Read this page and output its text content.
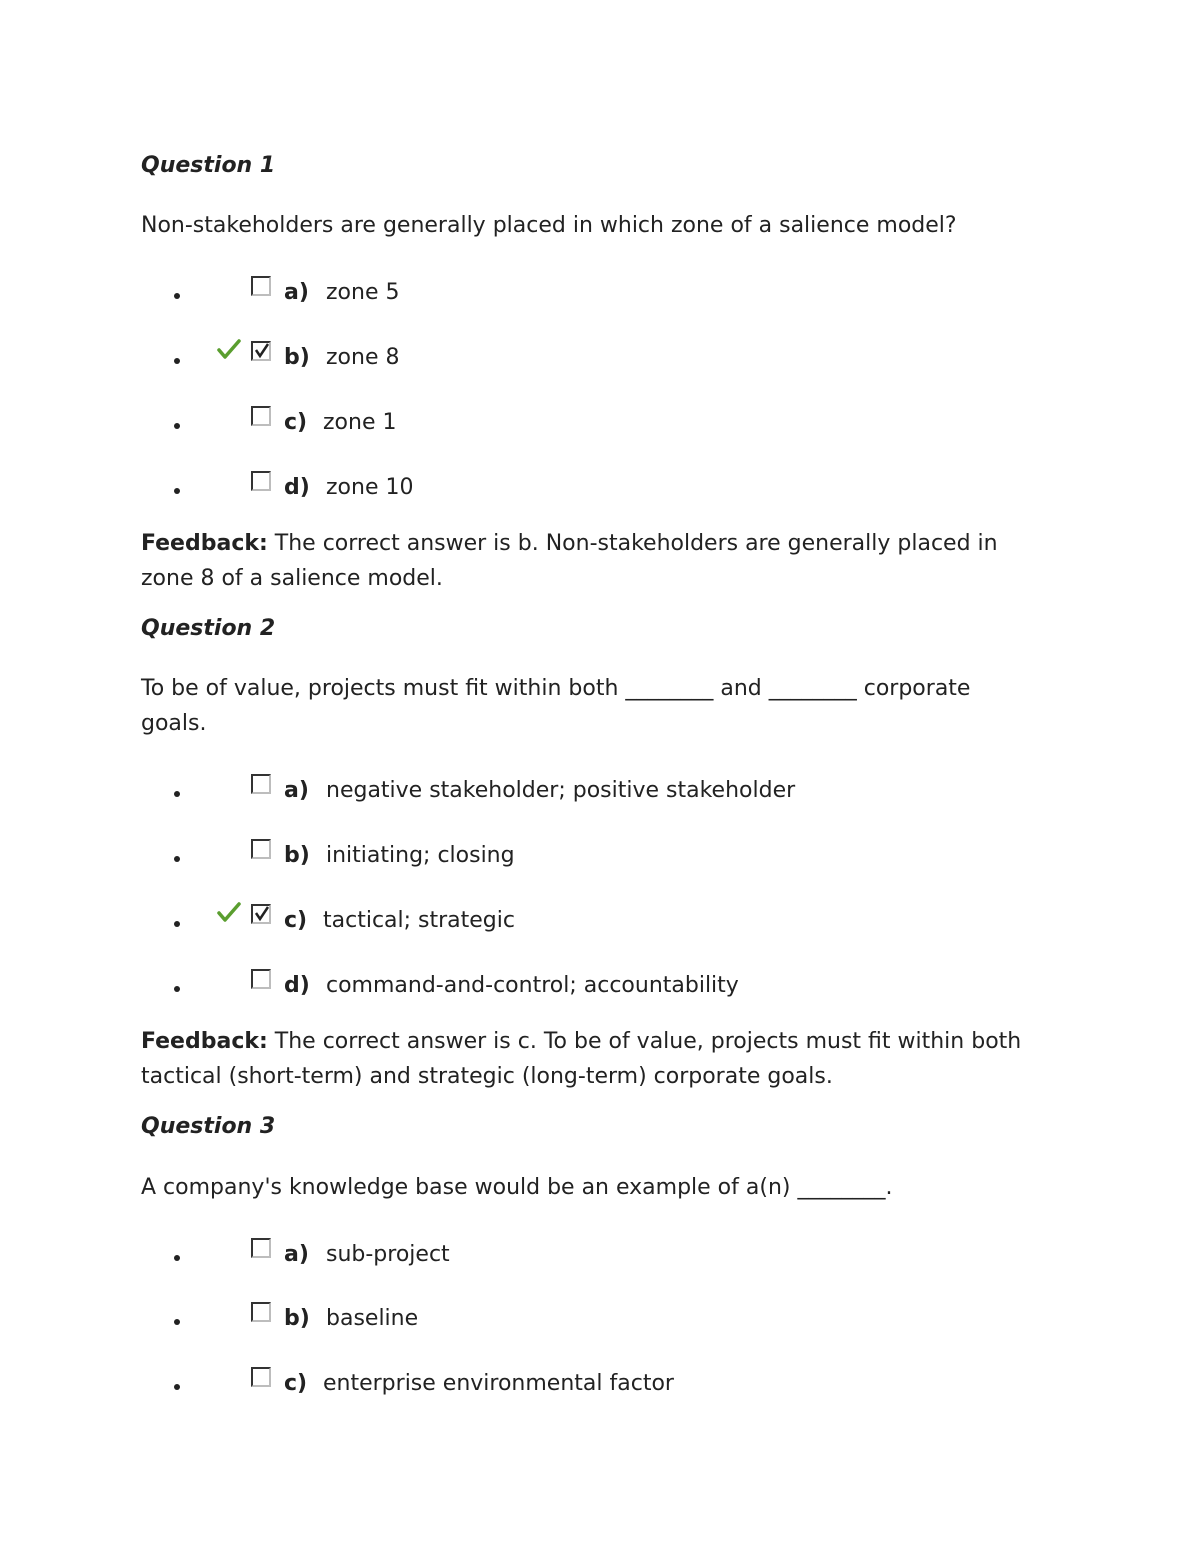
Question 1
Non-stakeholders are generally placed in which zone of a salience model?
a) zone 5
b) zone 8
c) zone 1
d) zone 10
Feedback: The correct answer is b. Non-stakeholders are generally placed in zone 8 of a salience model.
Question 2
To be of value, projects must fit within both ________ and ________ corporate goals.
a) negative stakeholder; positive stakeholder
b) initiating; closing
c) tactical; strategic
d) command-and-control; accountability
Feedback: The correct answer is c. To be of value, projects must fit within both tactical (short-term) and strategic (long-term) corporate goals.
Question 3
A company's knowledge base would be an example of a(n) ________.
a) sub-project
b) baseline
c) enterprise environmental factor
